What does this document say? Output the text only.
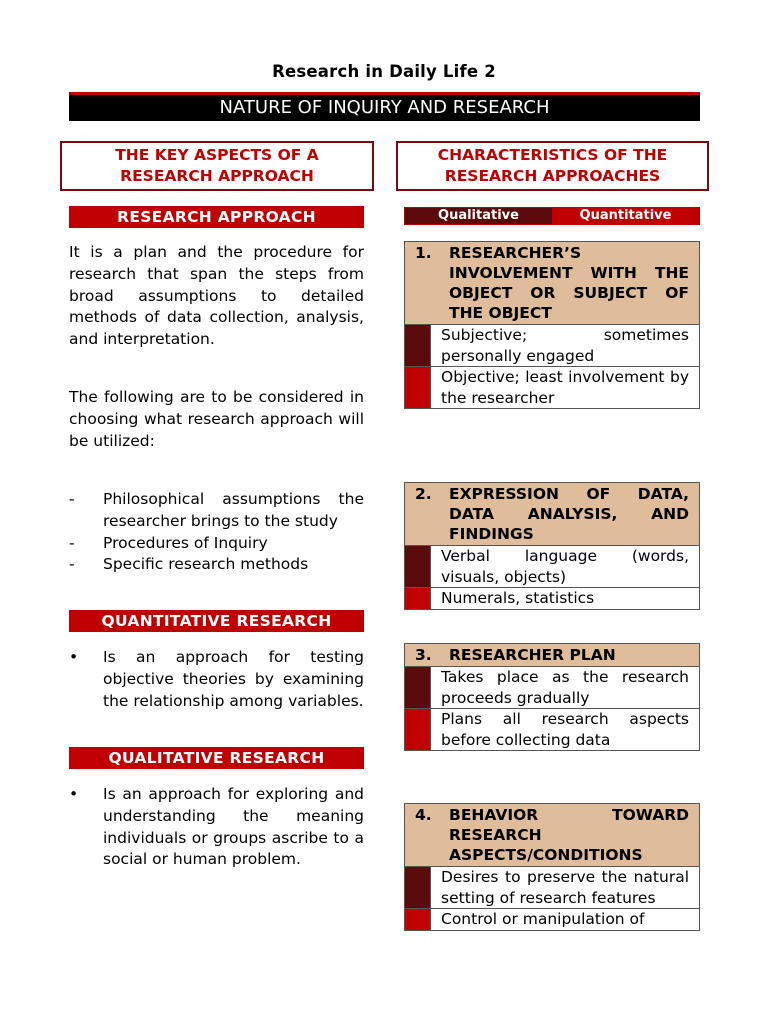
Research in Daily Life 2
NATURE OF INQUIRY AND RESEARCH
THE KEY ASPECTS OF A
RESEARCH APPROACH
RESEARCH APPROACH
It is a plan and the procedure for research that span the steps from broad assumptions to detailed methods of data collection, analysis, and interpretation.
The following are to be considered in choosing what research approach will be utilized:
- Philosophical assumptions the researcher brings to the study
- Procedures of Inquiry
- Specific research methods
QUANTITATIVE RESEARCH
• Is an approach for testing objective theories by examining the relationship among variables.
QUALITATIVE RESEARCH
• Is an approach for exploring and understanding the meaning individuals or groups ascribe to a social or human problem.
CHARACTERISTICS OF THE
RESEARCH APPROACHES
Qualitative	Quantitative
1.	RESEARCHER’S INVOLVEMENT WITH THE OBJECT OR SUBJECT OF THE OBJECT
Subjective; sometimes personally engaged
Objective; least involvement by the researcher
2.	EXPRESSION OF DATA, DATA ANALYSIS, AND FINDINGS
Verbal language (words, visuals, objects)
Numerals, statistics
3.	RESEARCHER PLAN
Takes place as the research proceeds gradually
Plans all research aspects before collecting data
4.	BEHAVIOR TOWARD RESEARCH ASPECTS/CONDITIONS
Desires to preserve the natural setting of research features
Control or manipulation of
